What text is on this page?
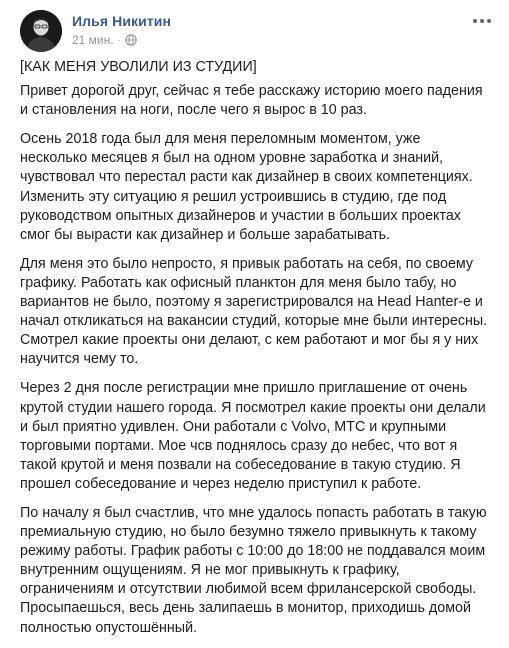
Илья Никитин
21 мин. ·

[КАК МЕНЯ УВОЛИЛИ ИЗ СТУДИИ]

Привет дорогой друг, сейчас я тебе расскажу историю моего падения и становления на ноги, после чего я вырос в 10 раз.

Осень 2018 года был для меня переломным моментом, уже несколько месяцев я был на одном уровне заработка и знаний, чувствовал что перестал расти как дизайнер в своих компетенциях. Изменить эту ситуацию я решил устроившись в студию, где под руководством опытных дизайнеров и участии в больших проектах смог бы вырасти как дизайнер и больше зарабатывать.

Для меня это было непросто, я привык работать на себя, по своему графику. Работать как офисный планктон для меня было табу, но вариантов не было, поэтому я зарегистрировался на Head Hanter-е и начал откликаться на вакансии студий, которые мне были интересны. Смотрел какие проекты они делают, с кем работают и мог бы я у них научится чему то.

Через 2 дня после регистрации мне пришло приглашение от очень крутой студии нашего города. Я посмотрел какие проекты они делали и был приятно удивлен. Они работали с Volvo, МТС и крупными торговыми портами. Мое чсв поднялось сразу до небес, что вот я такой крутой и меня позвали на собеседование в такую студию. Я прошел собеседование и через неделю приступил к работе.

По началу я был счастлив, что мне удалось попасть работать в такую премиальную студию, но было безумно тяжело привыкнуть к такому режиму работы. График работы с 10:00 до 18:00 не поддавался моим внутренним ощущениям. Я не мог привыкнуть к графику, ограничениям и отсутствии любимой всем фрилансерской свободы. Просыпаешься, весь день залипаешь в монитор, приходишь домой полностью опустошённый.
